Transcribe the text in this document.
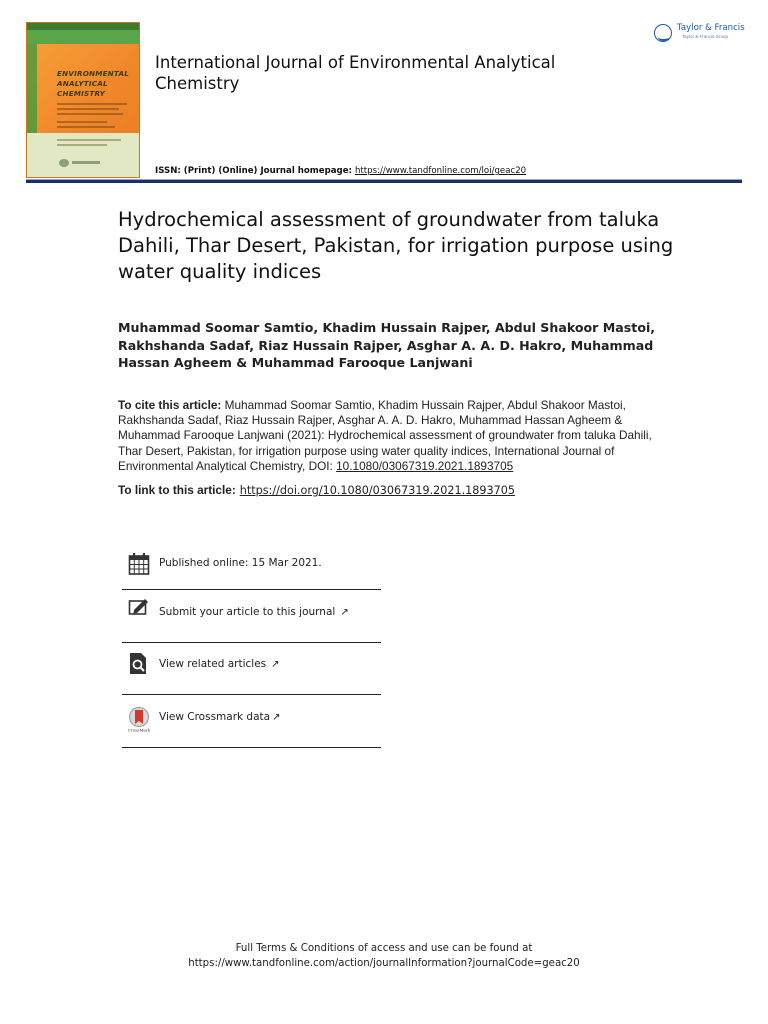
ENVIRONMENTAL
ANALYTICAL
CHEMISTRY
International Journal of Environmental Analytical Chemistry
Taylor & Francis
Taylor & Francis Group
ISSN: (Print) (Online) Journal homepage: https://www.tandfonline.com/loi/geac20
Hydrochemical assessment of groundwater from taluka Dahili, Thar Desert, Pakistan, for irrigation purpose using water quality indices
Muhammad Soomar Samtio, Khadim Hussain Rajper, Abdul Shakoor Mastoi, Rakhshanda Sadaf, Riaz Hussain Rajper, Asghar A. A. D. Hakro, Muhammad Hassan Agheem & Muhammad Farooque Lanjwani
To cite this article: Muhammad Soomar Samtio, Khadim Hussain Rajper, Abdul Shakoor Mastoi, Rakhshanda Sadaf, Riaz Hussain Rajper, Asghar A. A. D. Hakro, Muhammad Hassan Agheem & Muhammad Farooque Lanjwani (2021): Hydrochemical assessment of groundwater from taluka Dahili, Thar Desert, Pakistan, for irrigation purpose using water quality indices, International Journal of Environmental Analytical Chemistry, DOI: 10.1080/03067319.2021.1893705
To link to this article: https://doi.org/10.1080/03067319.2021.1893705
Published online: 15 Mar 2021.
Submit your article to this journal ↗
View related articles ↗
CrossMark
View Crossmark data ↗
Full Terms & Conditions of access and use can be found at
https://www.tandfonline.com/action/journalInformation?journalCode=geac20
